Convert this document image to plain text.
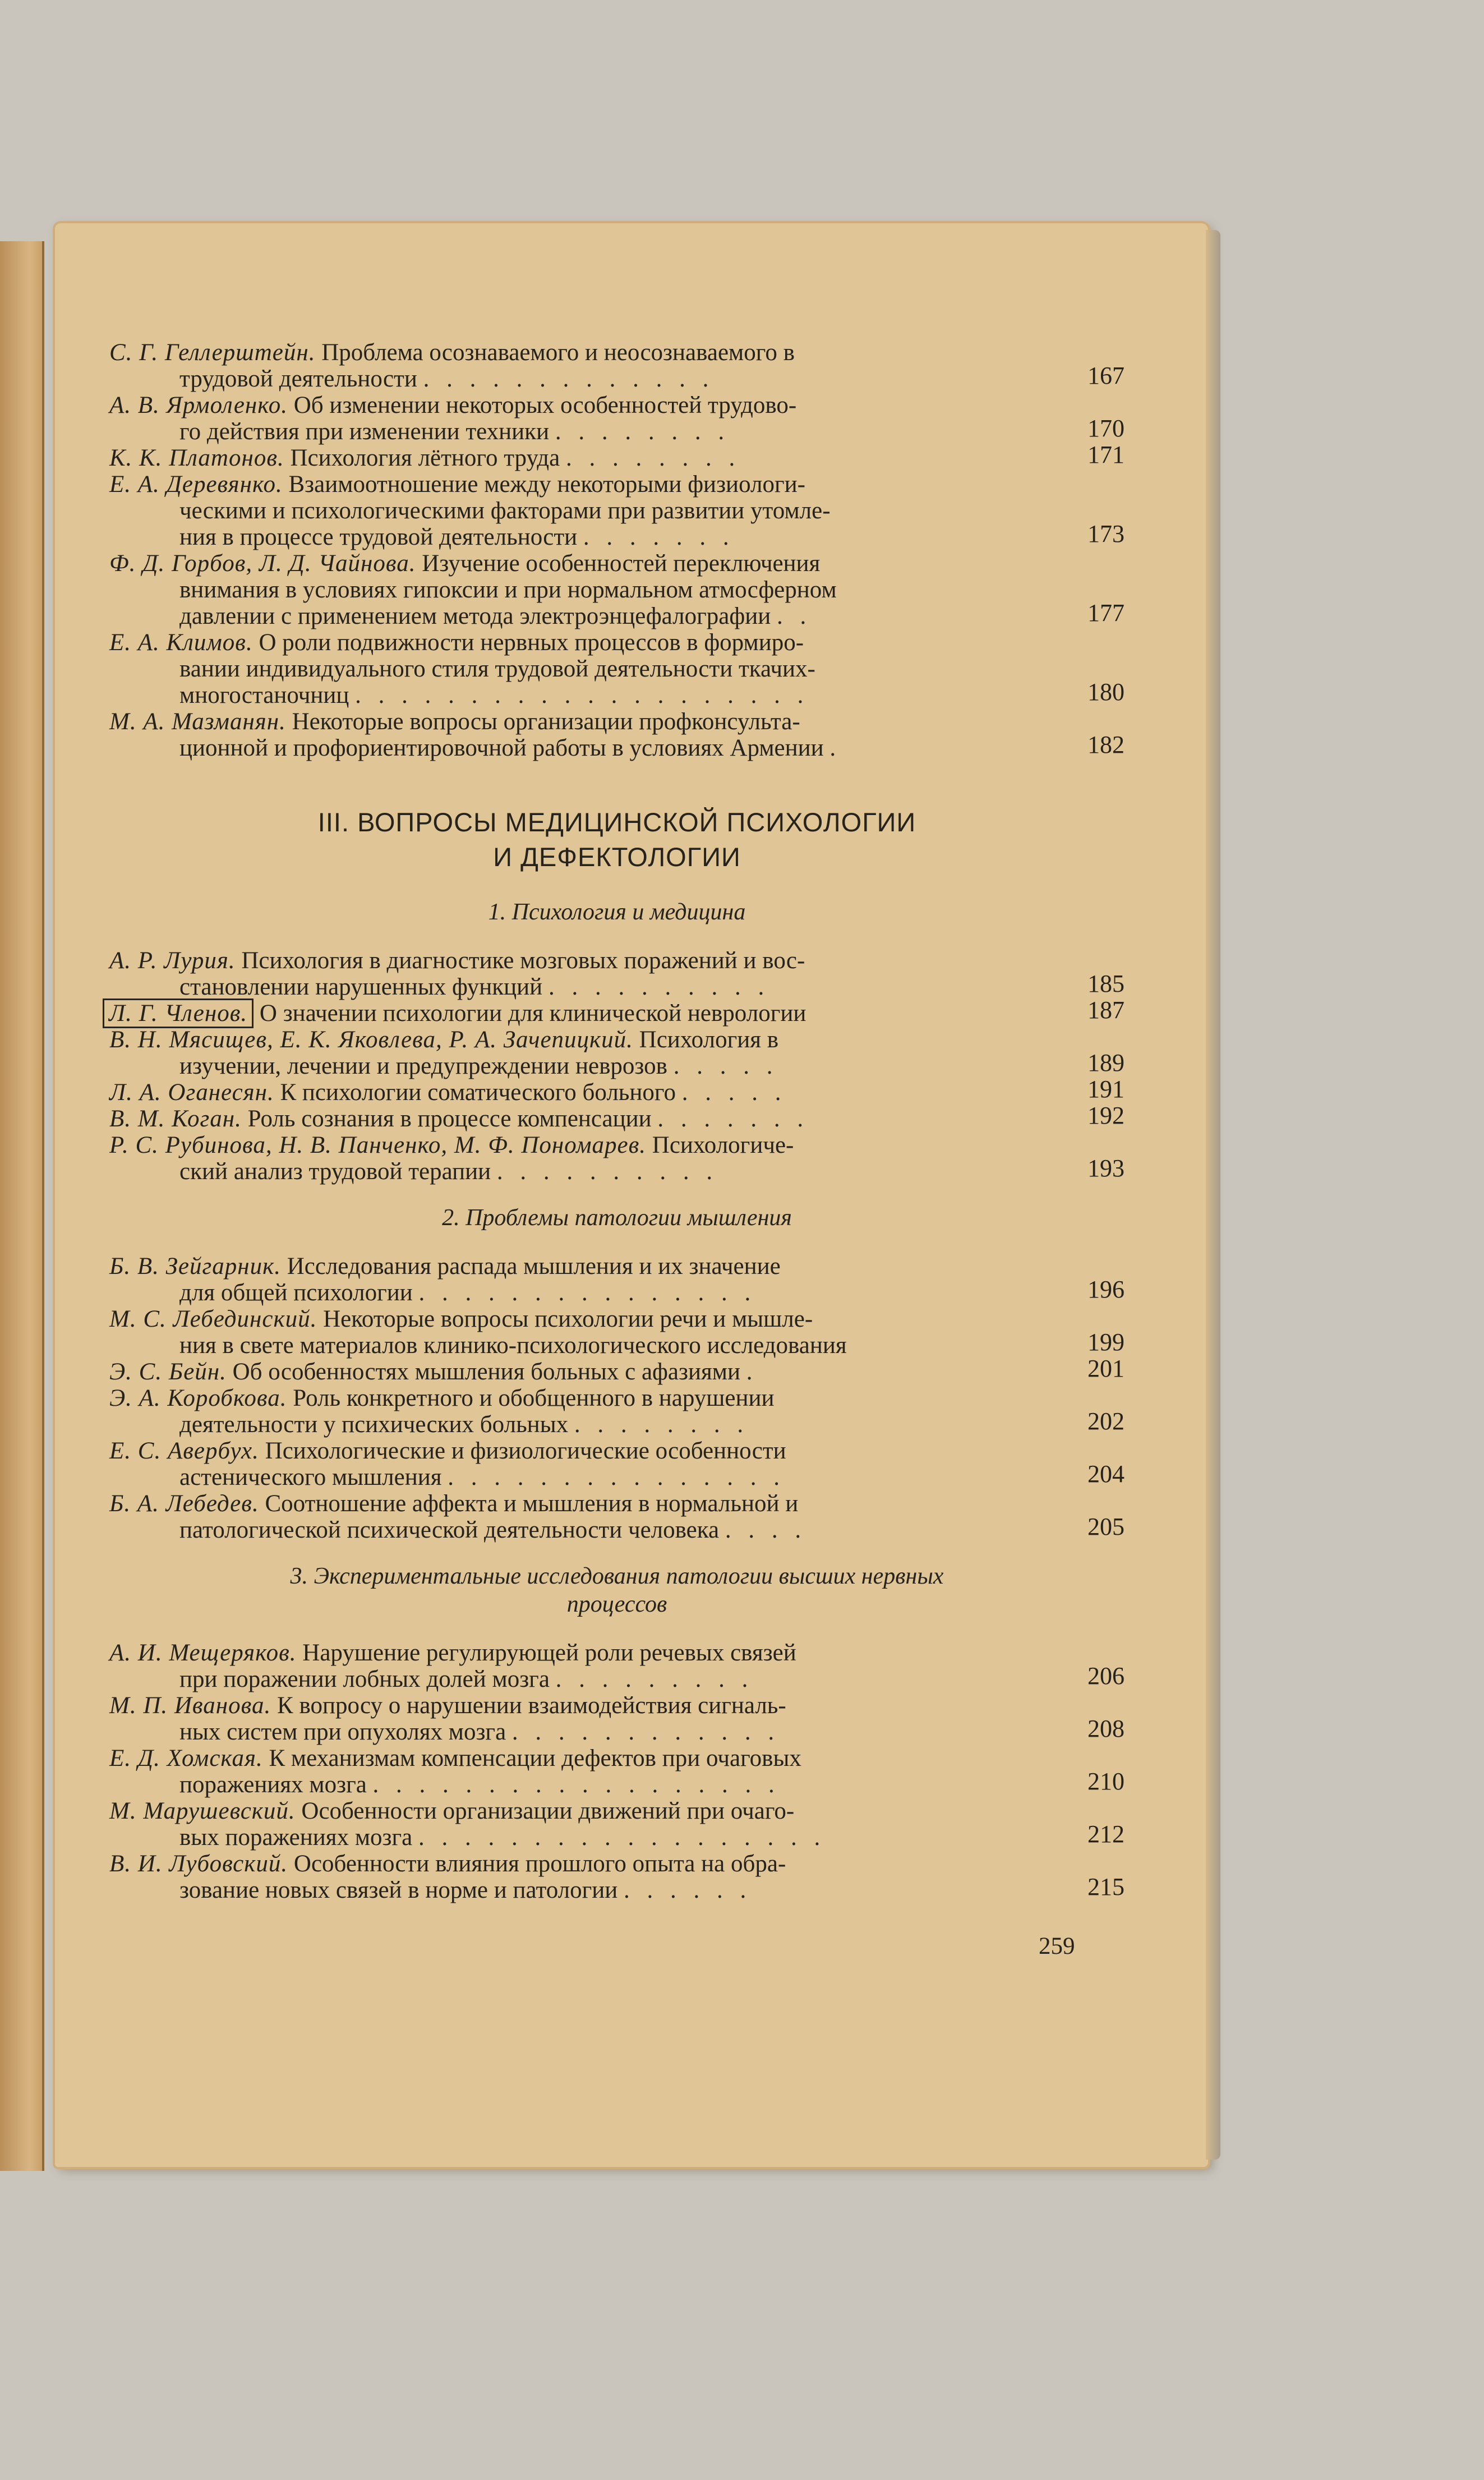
С. Г. Геллерштейн. Проблема осознаваемого и неосознаваемого в
трудовой деятельности . . . . . . . . . . . . .	167
А. В. Ярмоленко. Об изменении некоторых особенностей трудово-
го действия при изменении техники . . . . . . . .	170
К. К. Платонов. Психология лётного труда . . . . . . . .	171
Е. А. Деревянко. Взаимоотношение между некоторыми физиологи-
ческими и психологическими факторами при развитии утомле-
ния в процессе трудовой деятельности . . . . . . .	173
Ф. Д. Горбов, Л. Д. Чайнова. Изучение особенностей переключения
внимания в условиях гипоксии и при нормальном атмосферном
давлении с применением метода электроэнцефалографии . .	177
Е. А. Климов. О роли подвижности нервных процессов в формиро-
вании индивидуального стиля трудовой деятельности ткачих-
многостаночниц . . . . . . . . . . . . . . . . . . . .	180
М. А. Мазманян. Некоторые вопросы организации профконсульта-
ционной и профориентировочной работы в условиях Армении .	182
III. ВОПРОСЫ МЕДИЦИНСКОЙ ПСИХОЛОГИИ
И ДЕФЕКТОЛОГИИ
1. Психология и медицина
А. Р. Лурия. Психология в диагностике мозговых поражений и вос-
становлении нарушенных функций . . . . . . . . . .	185
Л. Г. Членов. О значении психологии для клинической неврологии	187
В. Н. Мясищев, Е. К. Яковлева, Р. А. Зачепицкий. Психология в
изучении, лечении и предупреждении неврозов . . . . .	189
Л. А. Оганесян. К психологии соматического больного . . . . .	191
В. М. Коган. Роль сознания в процессе компенсации . . . . . . .	192
Р. С. Рубинова, Н. В. Панченко, М. Ф. Пономарев. Психологиче-
ский анализ трудовой терапии . . . . . . . . . .	193
2. Проблемы патологии мышления
Б. В. Зейгарник. Исследования распада мышления и их значение
для общей психологии . . . . . . . . . . . . . . .	196
М. С. Лебединский. Некоторые вопросы психологии речи и мышле-
ния в свете материалов клинико-психологического исследования	199
Э. С. Бейн. Об особенностях мышления больных с афазиями .	201
Э. А. Коробкова. Роль конкретного и обобщенного в нарушении
деятельности у психических больных . . . . . . . .	202
Е. С. Авербух. Психологические и физиологические особенности
астенического мышления . . . . . . . . . . . . . . .	204
Б. А. Лебедев. Соотношение аффекта и мышления в нормальной и
патологической психической деятельности человека . . . .	205
3. Экспериментальные исследования патологии высших нервных
процессов
А. И. Мещеряков. Нарушение регулирующей роли речевых связей
при поражении лобных долей мозга . . . . . . . . .	206
М. П. Иванова. К вопросу о нарушении взаимодействия сигналь-
ных систем при опухолях мозга . . . . . . . . . . . .	208
Е. Д. Хомская. К механизмам компенсации дефектов при очаговых
поражениях мозга . . . . . . . . . . . . . . . . . .	210
М. Марушевский. Особенности организации движений при очаго-
вых поражениях мозга . . . . . . . . . . . . . . . . . .	212
В. И. Лубовский. Особенности влияния прошлого опыта на обра-
зование новых связей в норме и патологии . . . . . .	215
259
